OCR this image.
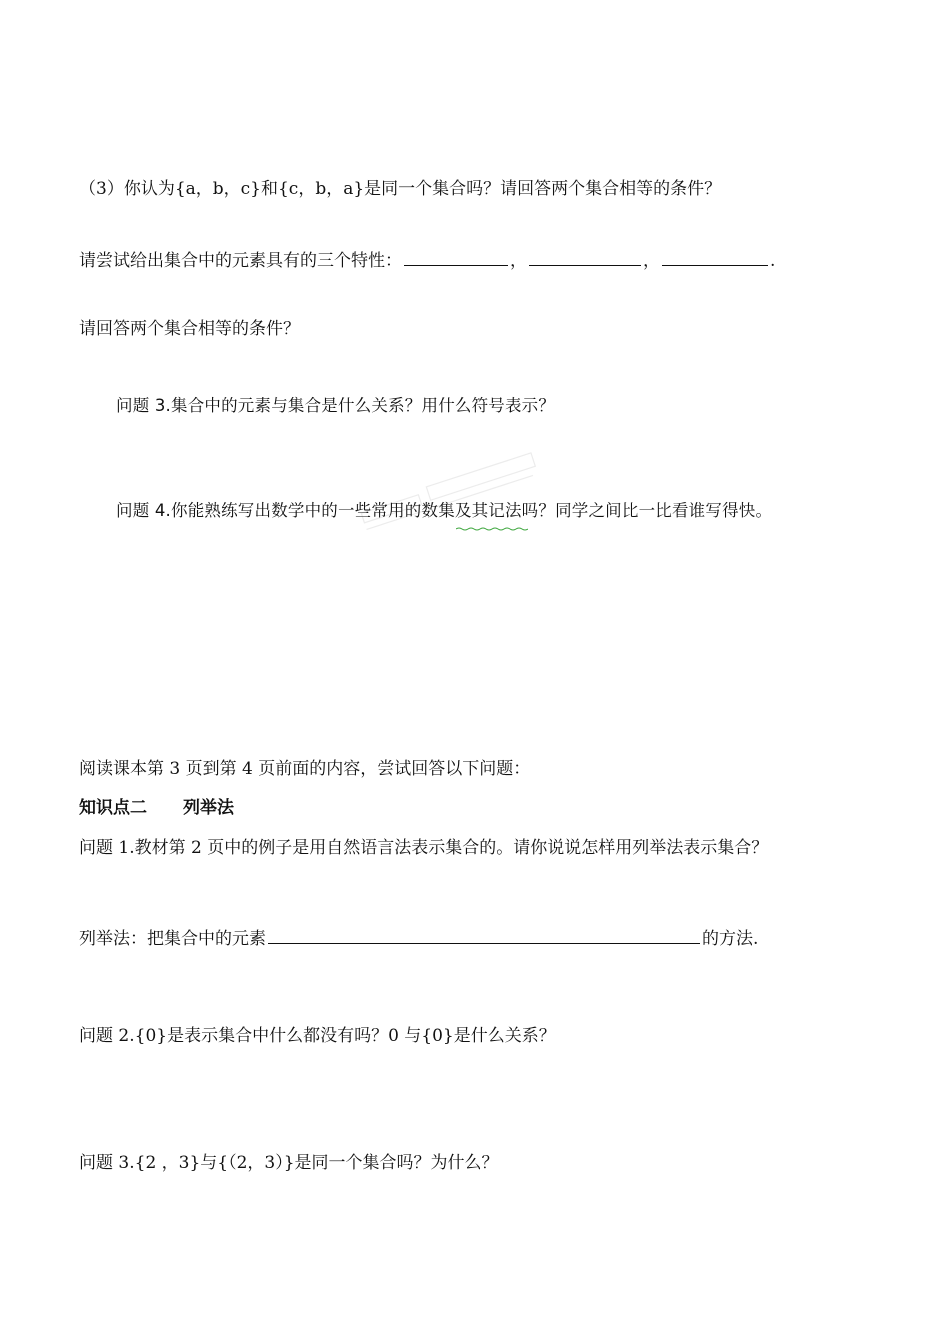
（3）你认为{a，b，c}和{c，b，a}是同一个集合吗？请回答两个集合相等的条件？
请尝试给出集合中的元素具有的三个特性：	，	，	.
请回答两个集合相等的条件？
问题 3.集合中的元素与集合是什么关系？用什么符号表示？
问题 4.你能熟练写出数学中的一些常用的数集及其记法吗？同学之间比一比看谁写得快。
阅读课本第 3 页到第 4 页前面的内容，尝试回答以下问题：
知识点二 列举法
问题 1.教材第 2 页中的例子是用自然语言法表示集合的。请你说说怎样用列举法表示集合？
列举法：把集合中的元素	的方法.
问题 2.{0}是表示集合中什么都没有吗？0 与{0}是什么关系？
问题 3.{2 ，3}与{（2，3）}是同一个集合吗？为什么？
